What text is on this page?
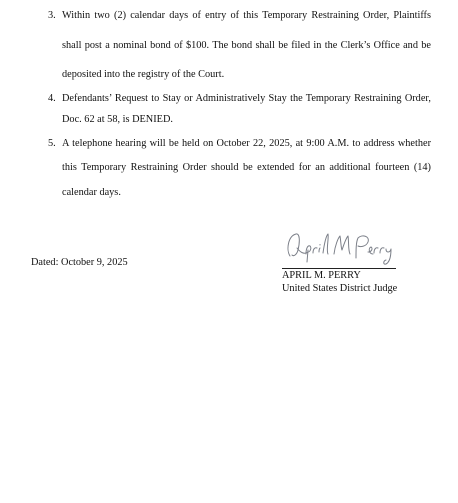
3. Within two (2) calendar days of entry of this Temporary Restraining Order, Plaintiffs
shall post a nominal bond of $100. The bond shall be filed in the Clerk’s Office and be
deposited into the registry of the Court.
4. Defendants’ Request to Stay or Administratively Stay the Temporary Restraining Order,
Doc. 62 at 58, is DENIED.
5. A telephone hearing will be held on October 22, 2025, at 9:00 A.M. to address whether
this Temporary Restraining Order should be extended for an additional fourteen (14)
calendar days.
Dated: October 9, 2025
APRIL M. PERRY
United States District Judge
